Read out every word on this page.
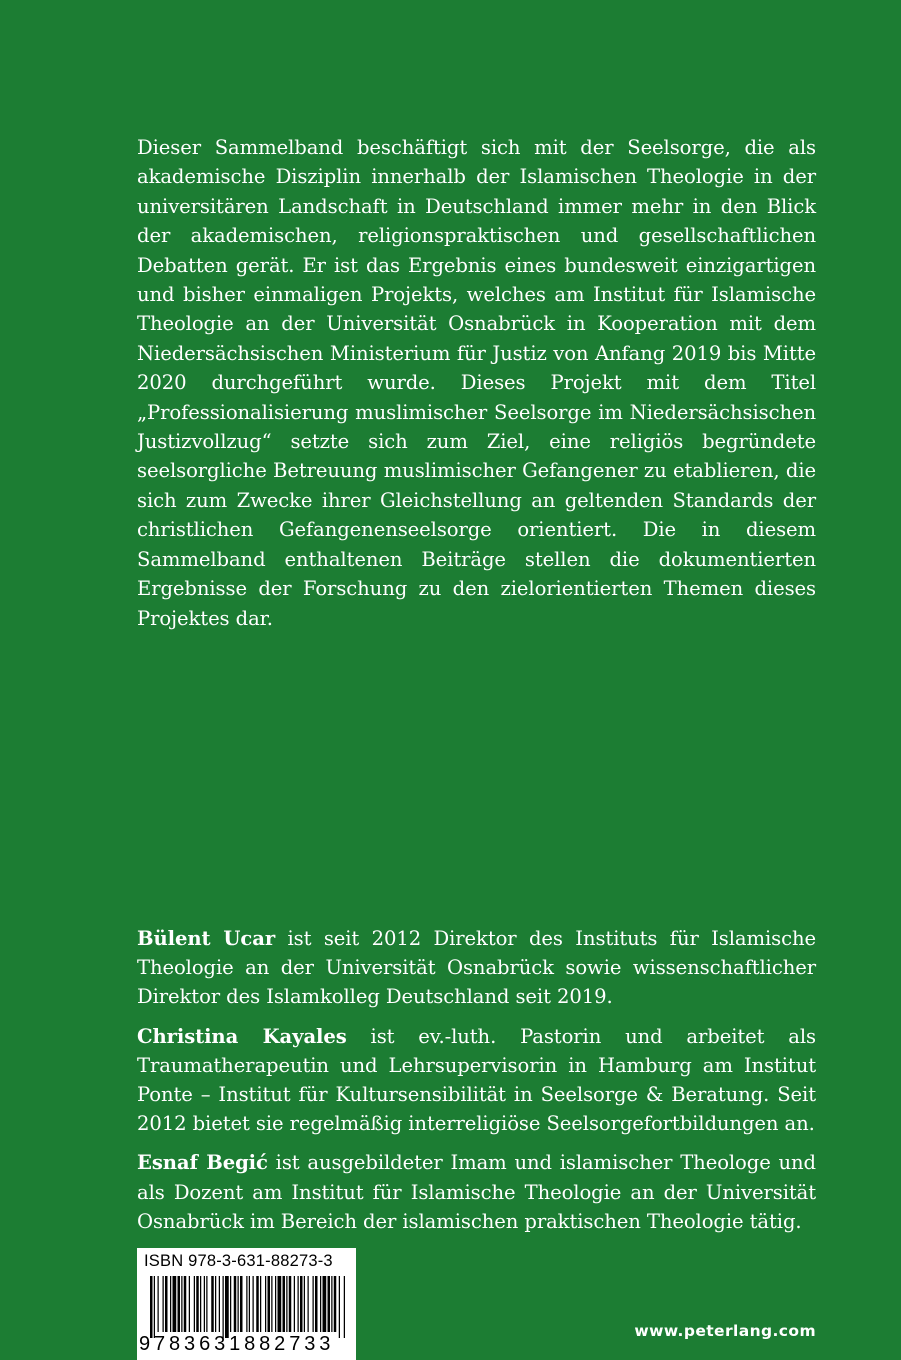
Dieser Sammelband beschäftigt sich mit der Seelsorge, die als akademische Disziplin innerhalb der Islamischen Theologie in der universitären Landschaft in Deutschland immer mehr in den Blick der akademischen, religionspraktischen und gesellschaftlichen Debatten gerät. Er ist das Ergebnis eines bundesweit einzigartigen und bisher einmaligen Projekts, welches am Institut für Islamische Theologie an der Universität Osnabrück in Kooperation mit dem Niedersächsischen Ministerium für Justiz von Anfang 2019 bis Mitte 2020 durchgeführt wurde. Dieses Projekt mit dem Titel „Professionalisierung muslimischer Seelsorge im Niedersächsischen Justizvollzug“ setzte sich zum Ziel, eine religiös begründete seelsorgliche Betreuung muslimischer Gefangener zu etablieren, die sich zum Zwecke ihrer Gleichstellung an geltenden Standards der christlichen Gefangenenseelsorge orientiert. Die in diesem Sammelband enthaltenen Beiträge stellen die dokumentierten Ergebnisse der Forschung zu den zielorientierten Themen dieses Projektes dar.

Bülent Ucar ist seit 2012 Direktor des Instituts für Islamische Theologie an der Universität Osnabrück sowie wissenschaftlicher Direktor des Islamkolleg Deutschland seit 2019.

Christina Kayales ist ev.-luth. Pastorin und arbeitet als Traumatherapeutin und Lehrsupervisorin in Hamburg am Institut Ponte – Institut für Kultursensibilität in Seelsorge & Beratung. Seit 2012 bietet sie regelmäßig interreligiöse Seelsorgefortbildungen an.

Esnaf Begić ist ausgebildeter Imam und islamischer Theologe und als Dozent am Institut für Islamische Theologie an der Universität Osnabrück im Bereich der islamischen praktischen Theologie tätig.

ISBN 978-3-631-88273-3
9 783631882733
www.peterlang.com
